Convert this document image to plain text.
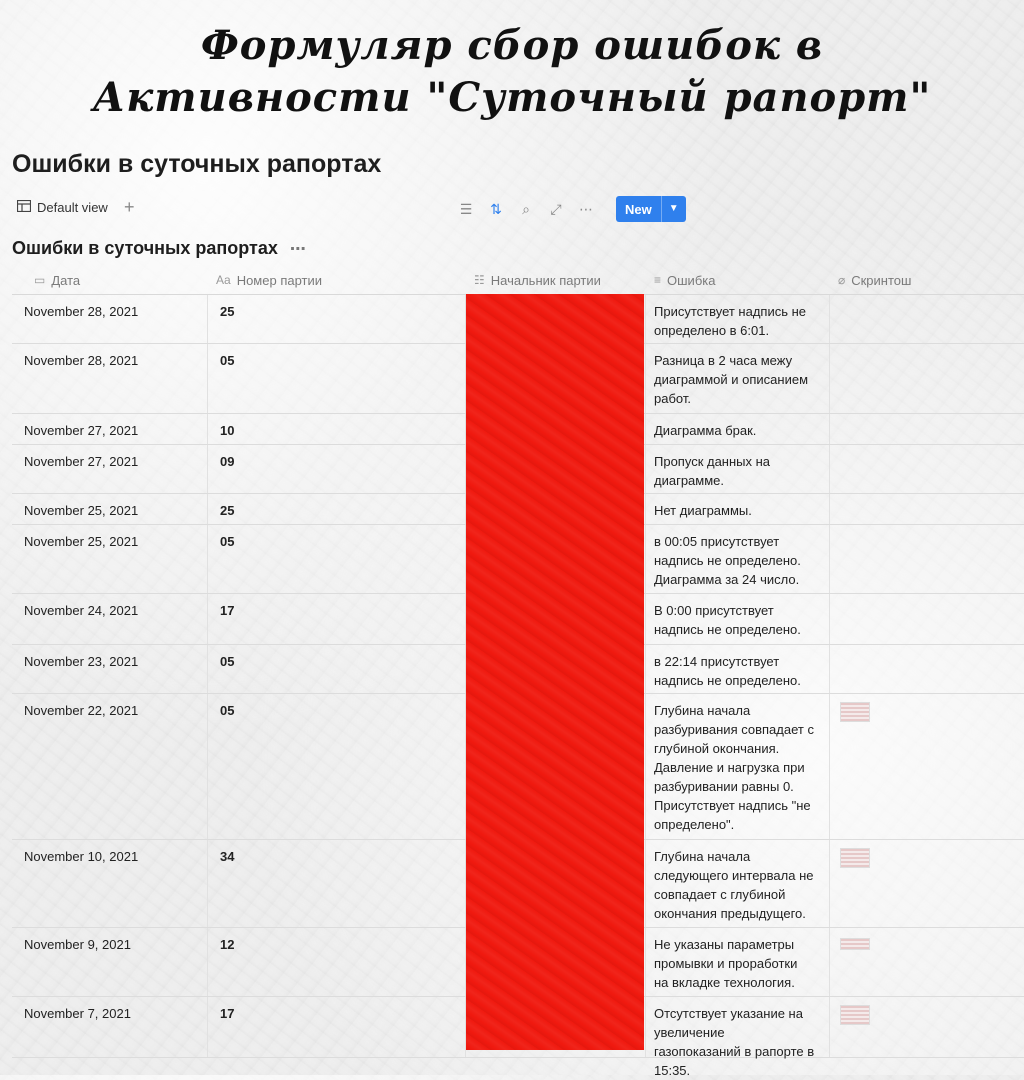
Формуляр сбор ошибок в
Активности "Суточный рапорт"
Ошибки в суточных рапортах
Default view +	☰ ⇅ ⌕ ⤢ ⋯	New	▼
Ошибки в суточных рапортах ⋯
▭ Дата	Aa Номер партии	☷ Начальник партии	≡ Ошибка	⌀ Скринтош
November 28, 2021	25	Присутствует надпись не
определено в 6:01.
November 28, 2021	05	Разница в 2 часа межу
диаграммой и описанием
работ.
November 27, 2021	10	Диаграмма брак.
November 27, 2021	09	Пропуск данных на
диаграмме.
November 25, 2021	25	Нет диаграммы.
November 25, 2021	05	в 00:05 присутствует
надпись не определено.
Диаграмма за 24 число.
November 24, 2021	17	В 0:00 присутствует
надпись не определено.
November 23, 2021	05	в 22:14 присутствует
надпись не определено.
November 22, 2021	05	Глубина начала
разбуривания совпадает с
глубиной окончания.
Давление и нагрузка при
разбуривании равны 0.
Присутствует надпись "не
определено".
November 10, 2021	34	Глубина начала
следующего интервала не
совпадает с глубиной
окончания предыдущего.
November 9, 2021	12	Не указаны параметры
промывки и проработки
на вкладке технология.
November 7, 2021	17	Отсутствует указание на
увеличение
газопоказаний в рапорте в
15:35.
